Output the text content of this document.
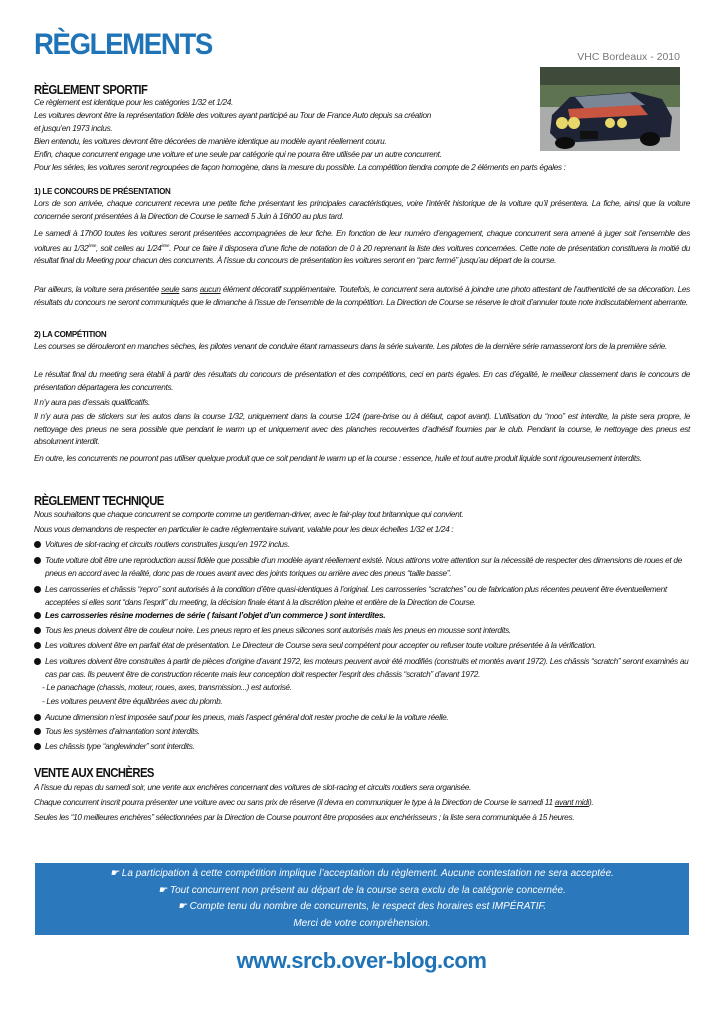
RÈGLEMENTS	VHC Bordeaux - 2010
RÈGLEMENT SPORTIF
Ce règlement est identique pour les catégories 1/32 et 1/24.
Les voitures devront être la représentation fidèle des voitures ayant participé au Tour de France Auto depuis sa création
et jusqu’en 1973 inclus.
Bien entendu, les voitures devront être décorées de manière identique au modèle ayant réellement couru.
Enfin, chaque concurrent engage une voiture et une seule par catégorie qui ne pourra être utilisée par un autre concurrent.
Pour les séries, les voitures seront regroupées de façon homogène, dans la mesure du possible. La compétition tiendra compte de 2 éléments en parts égales :
1) LE CONCOURS DE PRÉSENTATION
Lors de son arrivée, chaque concurrent recevra une petite fiche présentant les principales caractéristiques, voire l’intérêt historique de la voiture qu’il présentera. La fiche, ainsi que la voiture concernée seront présentées à la Direction de Course le samedi 5 Juin à 16h00 au plus tard.
Le samedi à 17h00 toutes les voitures seront présentées accompagnées de leur fiche. En fonction de leur numéro d’engagement, chaque concurrent sera amené à juger soit l’ensemble des voitures au 1/32ème, soit celles au 1/24ème. Pour ce faire il disposera d’une fiche de notation de 0 à 20 reprenant la liste des voitures concernées. Cette note de présentation constituera la moitié du résultat final du Meeting pour chacun des concurrents. À l’issue du concours de présentation les voitures seront en “parc fermé” jusqu’au départ de la course.
Par ailleurs, la voiture sera présentée seule sans aucun élément décoratif supplémentaire. Toutefois, le concurrent sera autorisé à joindre une photo attestant de l’authenticité de sa décoration. Les résultats du concours ne seront communiqués que le dimanche à l’issue de l’ensemble de la compétition. La Direction de Course se réserve le droit d’annuler toute note indiscutablement aberrante.
2) LA COMPÉTITION
Les courses se dérouleront en manches sèches, les pilotes venant de conduire étant ramasseurs dans la série suivante. Les pilotes de la dernière série ramasseront lors de la première série.
Le résultat final du meeting sera établi à partir des résultats du concours de présentation et des compétitions, ceci en parts égales. En cas d’égalité, le meilleur classement dans le concours de présentation départagera les concurrents.
Il n’y aura pas d’essais qualificatifs.
Il n’y aura pas de stickers sur les autos dans la course 1/32, uniquement dans la course 1/24 (pare-brise ou à défaut, capot avant). L’utilisation du “moo” est interdite, la piste sera propre, le nettoyage des pneus ne sera possible que pendant le warm up et uniquement avec des planches recouvertes d’adhésif fournies par le club. Pendant la course, le nettoyage des pneus est absolument interdit.
En outre, les concurrents ne pourront pas utiliser quelque produit que ce soit pendant le warm up et la course : essence, huile et tout autre produit liquide sont rigoureusement interdits.
RÈGLEMENT TECHNIQUE
Nous souhaitons que chaque concurrent se comporte comme un gentleman-driver, avec le fair-play tout britannique qui convient.
Nous vous demandons de respecter en particulier le cadre réglementaire suivant, valable pour les deux échelles 1/32 et 1/24 :
Voitures de slot-racing et circuits routiers construites jusqu’en 1972 inclus.
Toute voiture doit être une reproduction aussi fidèle que possible d’un modèle ayant réellement existé. Nous attirons votre attention sur la nécessité de respecter des dimensions de roues et de pneus en accord avec la réalité, donc pas de roues avant avec des joints toriques ou arrière avec des pneus “taille basse”.
Les carrosseries et châssis “repro” sont autorisés à la condition d’être quasi-identiques à l’original. Les carrosseries “scratches” ou de fabrication plus récentes peuvent être éventuellement acceptées si elles sont “dans l’esprit” du meeting, la décision finale étant à la discrétion pleine et entière de la Direction de Course.
Les carrosseries résine modernes de série ( faisant l’objet d’un commerce ) sont interdites.
Tous les pneus doivent être de couleur noire. Les pneus repro et les pneus silicones sont autorisés mais les pneus en mousse sont interdits.
Les voitures doivent être en parfait état de présentation. Le Directeur de Course sera seul compétent pour accepter ou refuser toute voiture présentée à la vérification.
Les voitures doivent être construites à partir de pièces d’origine d’avant 1972, les moteurs peuvent avoir été modifiés (construits et montés avant 1972). Les châssis “scratch” seront examinés au cas par cas. Ils peuvent être de construction récente mais leur conception doit respecter l’esprit des châssis “scratch” d’avant 1972.
- Le panachage (chassis, moteur, roues, axes, transmission...) est autorisé.
- Les voitures peuvent être équilibrées avec du plomb.
Aucune dimension n’est imposée sauf pour les pneus, mais l’aspect général doit rester proche de celui le la voiture réelle.
Tous les systèmes d’aimantation sont interdits.
Les châssis type “anglewinder” sont interdits.
VENTE AUX ENCHÈRES
A l’issue du repas du samedi soir, une vente aux enchères concernant des voitures de slot-racing et circuits routiers sera organisée.
Chaque concurrent inscrit pourra présenter une voiture avec ou sans prix de réserve (il devra en communiquer le type à la Direction de Course le samedi 11 avant midi).
Seules les “10 meilleures enchères” sélectionnées par la Direction de Course pourront être proposées aux enchérisseurs ; la liste sera communiquée à 15 heures.
☛ La participation à cette compétition implique l’acceptation du règlement. Aucune contestation ne sera acceptée.
☛ Tout concurrent non présent au départ de la course sera exclu de la catégorie concernée.
☛ Compte tenu du nombre de concurrents, le respect des horaires est IMPÉRATIF.
Merci de votre compréhension.
www.srcb.over-blog.com
